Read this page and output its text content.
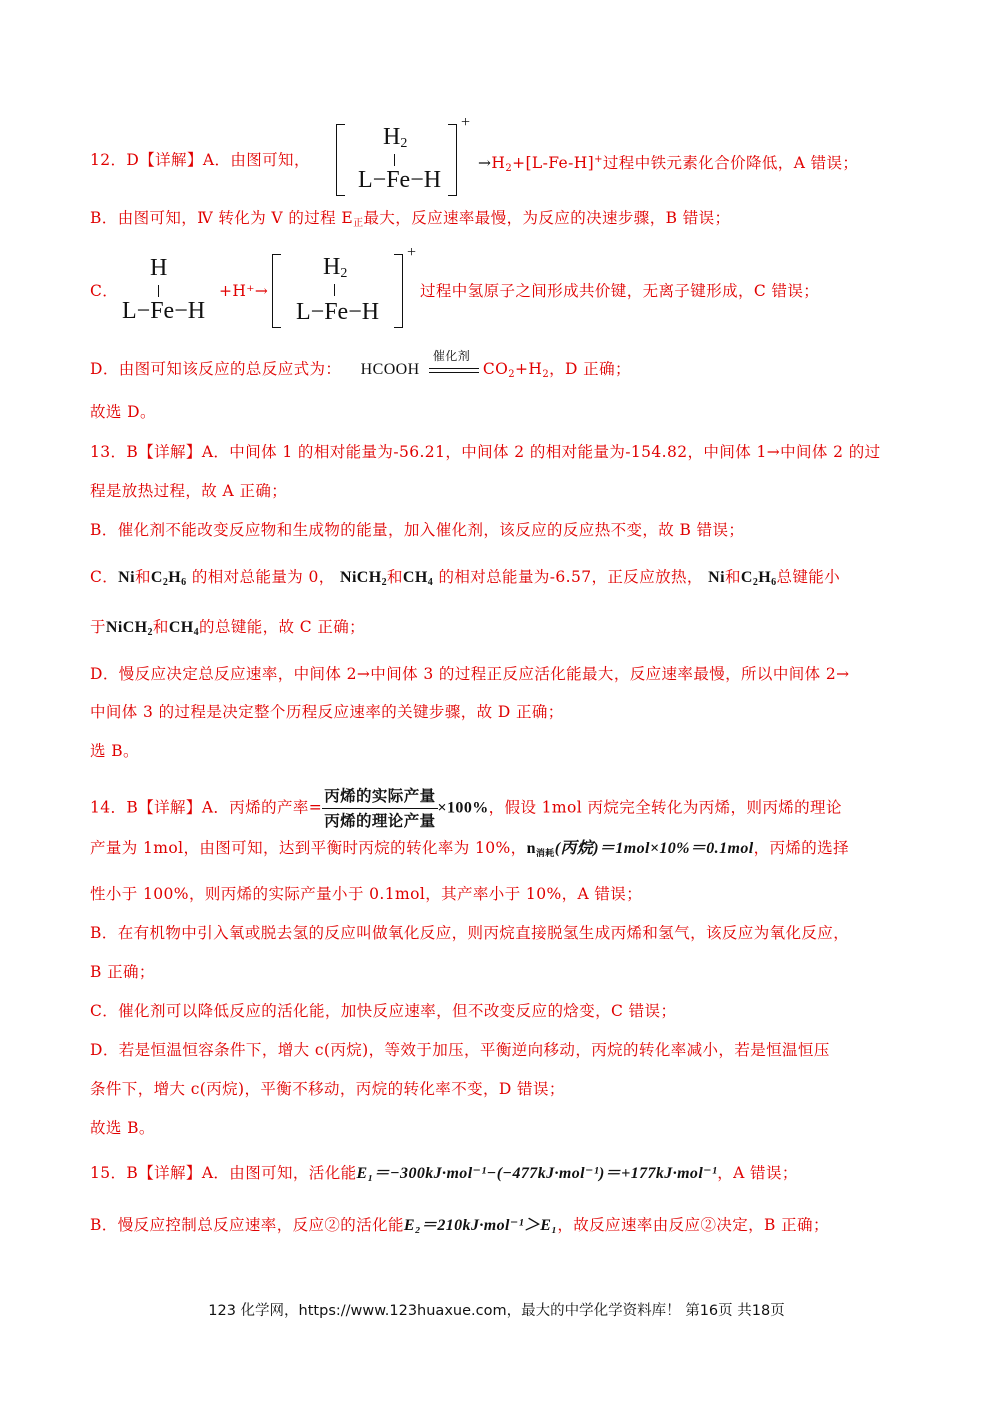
12．D【详解】A．由图可知，
$H_2$
L−Fe−H
+
$\to H_2+[L-Fe-H]^+$过程中铁元素化合价降低，A 错误；
B．由图可知，Ⅳ 转化为 Ⅴ 的过程 $E_正$最大，反应速率最慢，为反应的决速步骤，B 错误；
C．
H
L−Fe−H
+H⁺→
$H_2$
L−Fe−H
+
过程中氢原子之间形成共价键，无离子键形成，C 错误；
D．由图可知该反应的总反应式为： HCOOH
催化剂
$CO_2+H_2$，D 正确；
故选 D。
13．B【详解】A．中间体 1 的相对能量为-56.21，中间体 2 的相对能量为-154.82，中间体 1→中间体 2 的过
程是放热过程，故 A 正确；
B．催化剂不能改变反应物和生成物的能量，加入催化剂，该反应的反应热不变，故 B 错误；
C．Ni和$C_2H_6$ 的相对总能量为 0， NiCH$_2$和$CH_4$ 的相对总能量为-6.57，正反应放热， Ni和$C_2H_6$总键能小
于NiCH$_2$和$CH_4$的总键能，故 C 正确；
D．慢反应决定总反应速率，中间体 2→中间体 3 的过程正反应活化能最大，反应速率最慢，所以中间体 2→
中间体 3 的过程是决定整个历程反应速率的关键步骤，故 D 正确；
选 B。
14．B【详解】A．丙烯的产率= $\frac{\text{丙烯的实际产量}}{\text{丙烯的理论产量}} \times 100\%$，假设 1mol 丙烷完全转化为丙烯，则丙烯的理论
产量为 1mol，由图可知，达到平衡时丙烷的转化率为 10%，$n_{消耗}$(丙烷)＝1mol×10%＝0.1mol，丙烯的选择
性小于 100%，则丙烯的实际产量小于 0.1mol，其产率小于 10%，A 错误；
B．在有机物中引入氧或脱去氢的反应叫做氧化反应，则丙烷直接脱氢生成丙烯和氢气，该反应为氧化反应，
B 正确；
C．催化剂可以降低反应的活化能，加快反应速率，但不改变反应的焓变，C 错误；
D．若是恒温恒容条件下，增大 c(丙烷)，等效于加压，平衡逆向移动，丙烷的转化率减小，若是恒温恒压
条件下，增大 c(丙烷)，平衡不移动，丙烷的转化率不变，D 错误；
故选 B。
15．B【详解】A．由图可知，活化能E₁＝−300kJ·mol⁻¹−(−477kJ·mol⁻¹)＝+177kJ·mol⁻¹，A 错误；
B．慢反应控制总反应速率，反应②的活化能E₂＝210kJ·mol⁻¹＞E₁，故反应速率由反应②决定，B 正确；
123 化学网，https://www.123huaxue.com，最大的中学化学资料库！ 第16页 共18页
